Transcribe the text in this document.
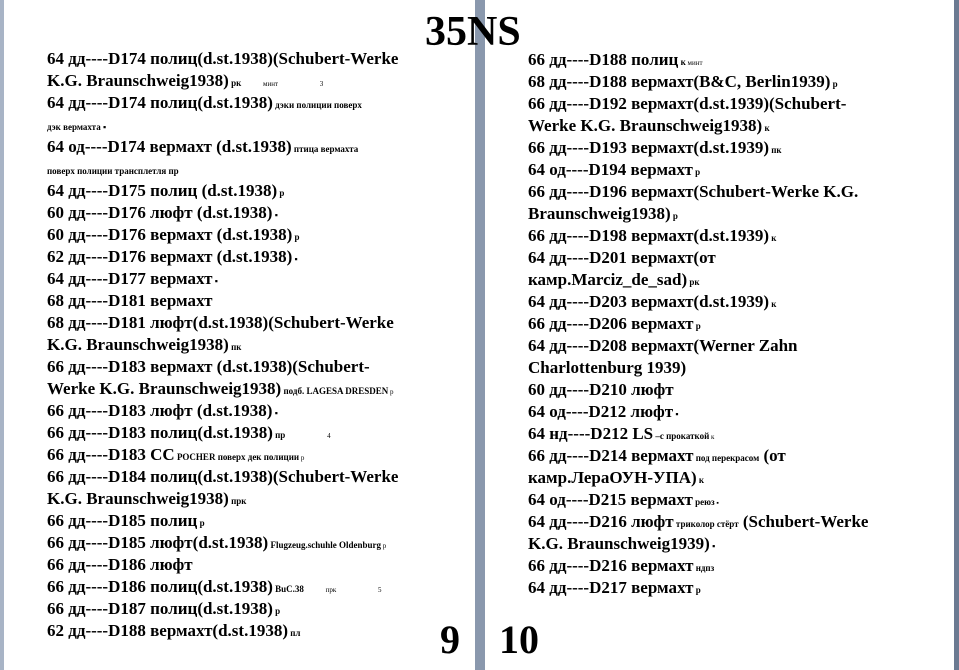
64 дд----D174 полиц(d.st.1938)(Schubert-Werke
K.G. Braunschweig1938) рк	минт	3
64 дд----D174 полиц(d.st.1938) дэки полиции поверх
дэк вермахта ▪
64 од----D174 вермахт (d.st.1938) птица вермахта
поверх полиции трансплетля пр
64 дд----D175 полиц (d.st.1938) р
60 дд----D176 люфт (d.st.1938) ▪
60 дд----D176 вермахт (d.st.1938) р
62 дд----D176 вермахт (d.st.1938) ▪
64 дд----D177 вермахт ▪
68 дд----D181 вермахт
68 дд----D181 люфт(d.st.1938)(Schubert-Werke
K.G. Braunschweig1938) пк
66 дд----D183 вермахт (d.st.1938)(Schubert-
Werke K.G. Braunschweig1938) подб. LAGESA DRESDEN р
66 дд----D183 люфт (d.st.1938) ▪
66 дд----D183 полиц(d.st.1938) пр	4
66 дд----D183 CC POCHER поверх дек полиции р
66 дд----D184 полиц(d.st.1938)(Schubert-Werke
K.G. Braunschweig1938) прк
66 дд----D185 полиц р
66 дд----D185 люфт(d.st.1938) Flugzeug.schuhle Oldenburg р
66 дд----D186 люфт
66 дд----D186 полиц(d.st.1938) BuC.38	прк	5
66 дд----D187 полиц(d.st.1938) р
62 дд----D188 вермахт(d.st.1938) пл	9
66 дд----D188 полиц к минт
68 дд----D188 вермахт(B&C, Berlin1939) р
66 дд----D192 вермахт(d.st.1939)(Schubert-
Werke K.G. Braunschweig1938) к
66 дд----D193 вермахт(d.st.1939) пк
64 од----D194 вермахт р
66 дд----D196 вермахт(Schubert-Werke K.G.
Braunschweig1938) р
66 дд----D198 вермахт(d.st.1939) к
64 дд----D201 вермахт(от
камр.Marciz_de_sad) рк
64 дд----D203 вермахт(d.st.1939) к
66 дд----D206 вермахт р
64 дд----D208 вермахт(Werner Zahn
Charlottenburg 1939)
60 дд----D210 люфт
64 од----D212 люфт ▪
64 нд----D212 LS –с прокаткой к
66 дд----D214 вермахт под перекрасом (от
камр.ЛераОУН-УПА) к
64 од----D215 вермахт реюз ▪
64 дд----D216 люфт триколор стёрт (Schubert-Werke
K.G. Braunschweig1939) ▪
66 дд----D216 вермахт ндпз
64 дд----D217 вермахт р
10
35NS
